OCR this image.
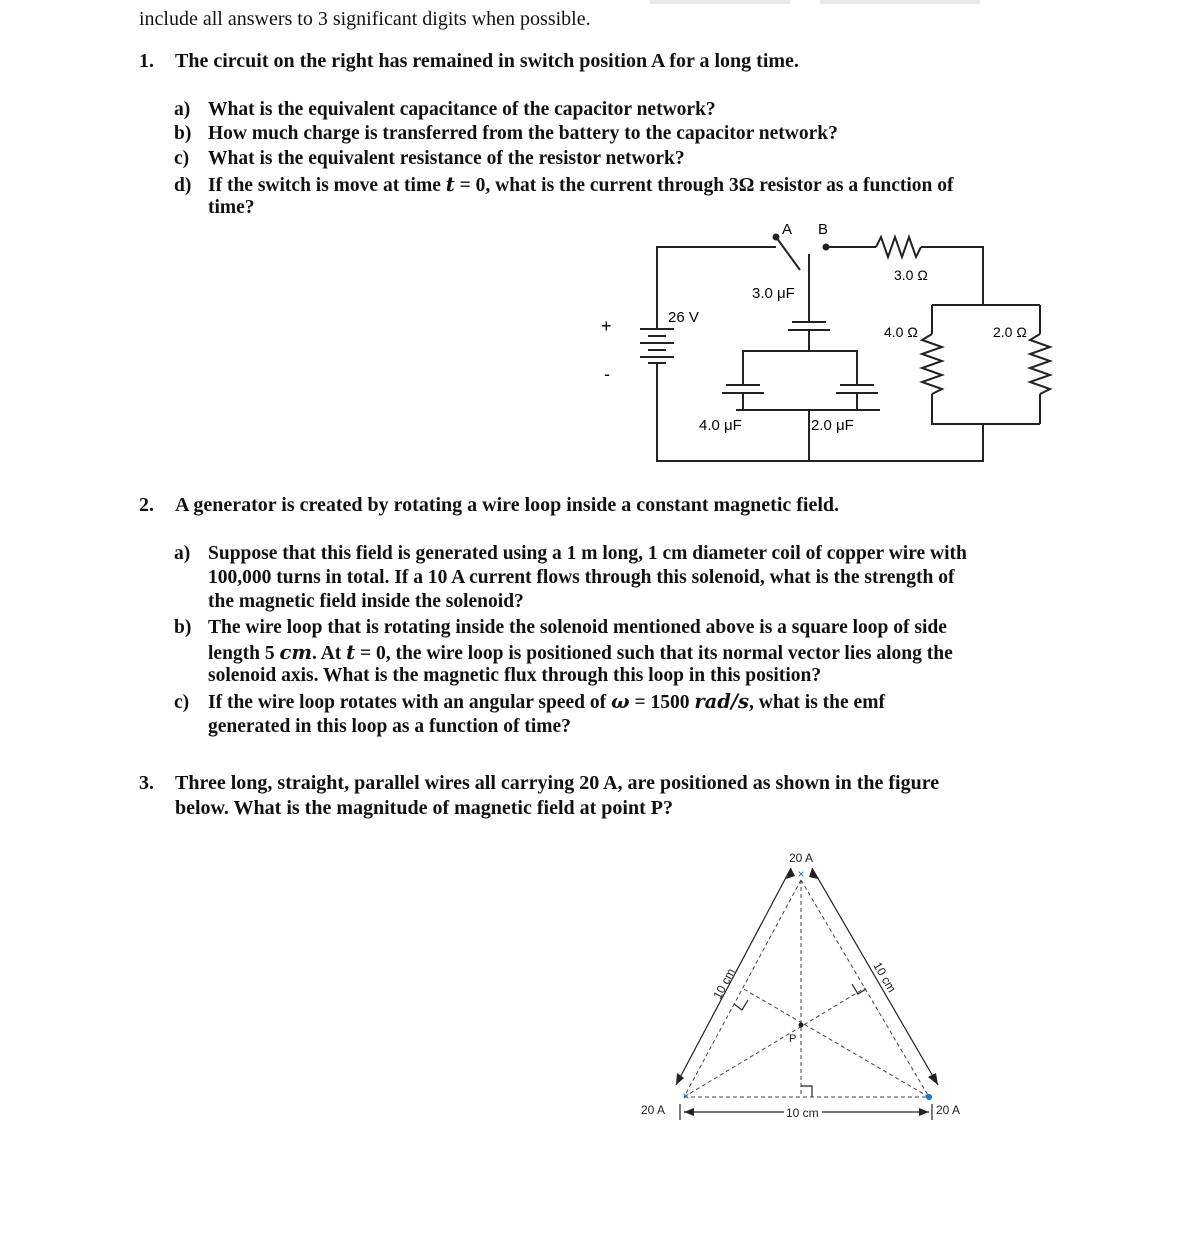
include all answers to 3 significant digits when possible.
1. The circuit on the right has remained in switch position A for a long time.
a) What is the equivalent capacitance of the capacitor network?
b) How much charge is transferred from the battery to the capacitor network?
c) What is the equivalent resistance of the resistor network?
d) If the switch is move at time t = 0, what is the current through 3Ω resistor as a function of
time?
A B
26 V
+
-
3.0 μF
4.0 μF	2.0 μF
3.0 Ω
4.0 Ω	2.0 Ω
2. A generator is created by rotating a wire loop inside a constant magnetic field.
a) Suppose that this field is generated using a 1 m long, 1 cm diameter coil of copper wire with
100,000 turns in total. If a 10 A current flows through this solenoid, what is the strength of
the magnetic field inside the solenoid?
b) The wire loop that is rotating inside the solenoid mentioned above is a square loop of side
length 5 cm. At t = 0, the wire loop is positioned such that its normal vector lies along the
solenoid axis. What is the magnetic flux through this loop in this position?
c) If the wire loop rotates with an angular speed of ω = 1500 rad/s, what is the emf
generated in this loop as a function of time?
3. Three long, straight, parallel wires all carrying 20 A, are positioned as shown in the figure
below. What is the magnitude of magnetic field at point P?
×
×
P
20 A
20 A	20 A
10 cm
10 cm	10 cm
